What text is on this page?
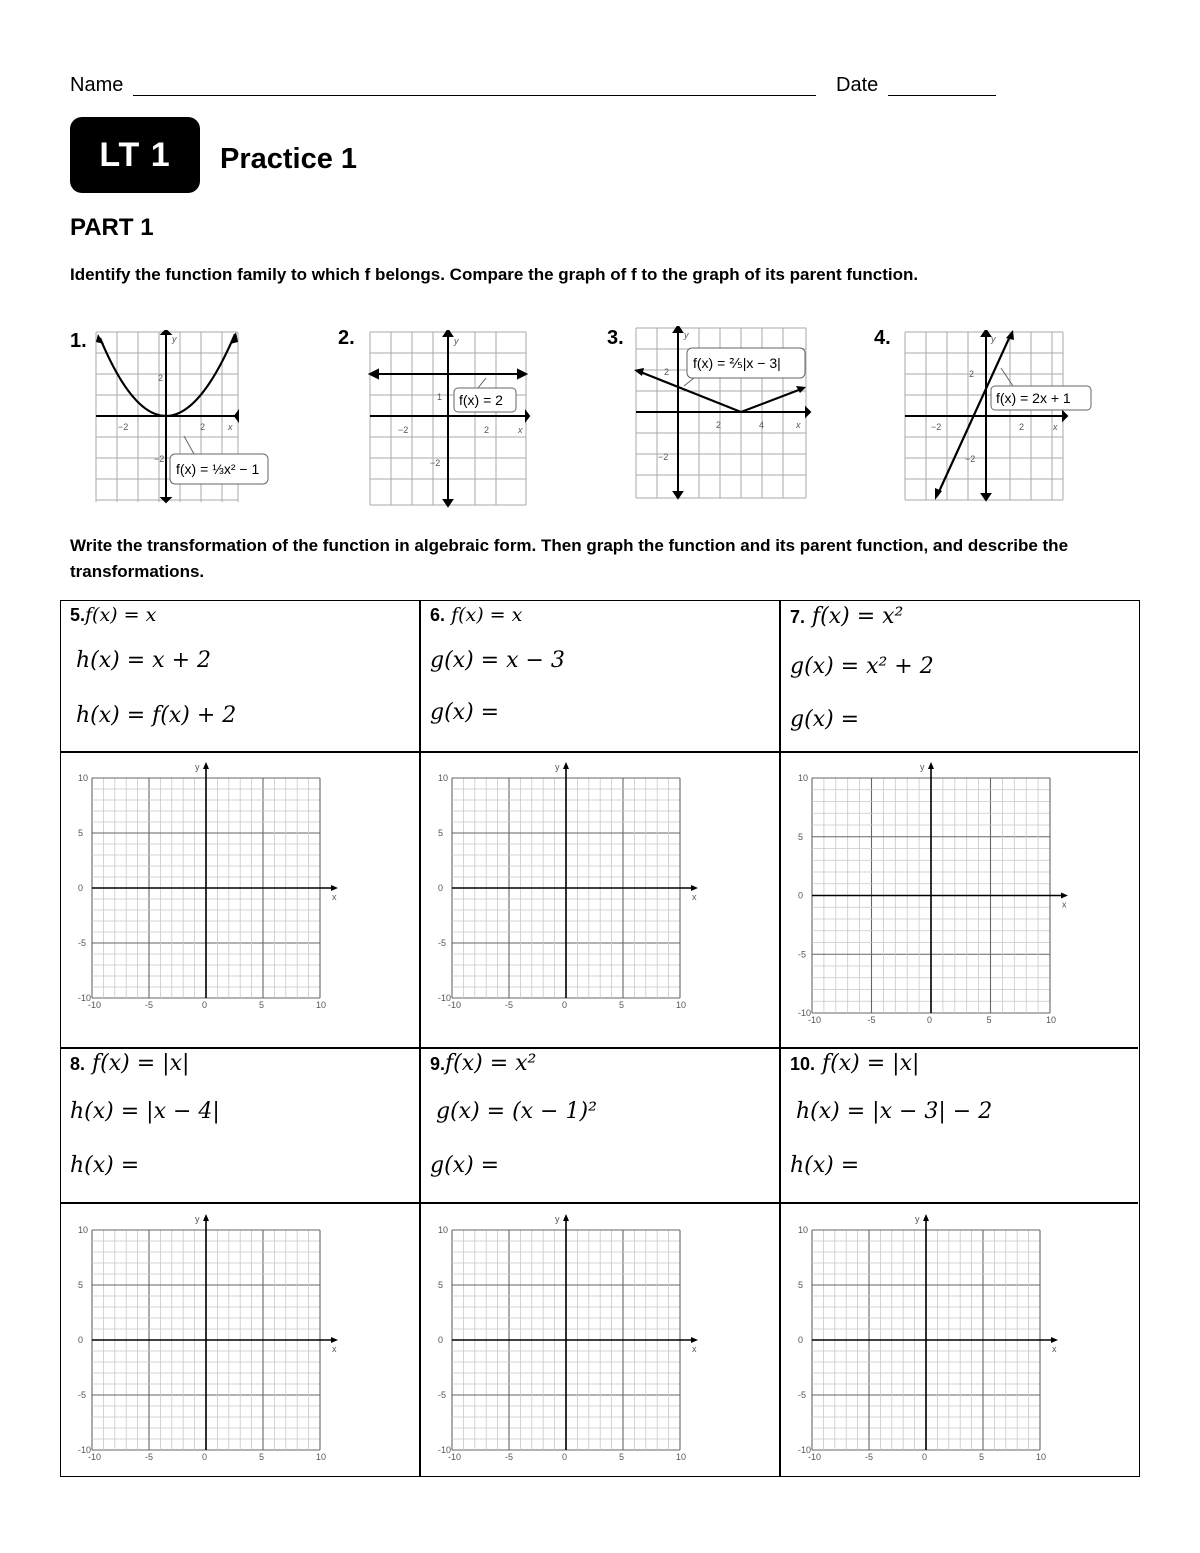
Name	Date
LT 1	Practice 1
PART 1
Identify the function family to which f belongs. Compare the graph of f to the graph of its parent function.
1.	2.	3.	4.
f(x) = ⅓x² − 1
2
−2
−2	2	x
y
f(x) = 2
1
−2
−2	2	x
y
f(x) = ⅖|x − 3|
2
−2
2	4	x
y
f(x) = 2x + 1
2
−2
−2	2	x
y
Write the transformation of the function in algebraic form. Then graph the function and its parent function, and describe the transformations.
5.f(x) = x
h(x) = x + 2
h(x) = f(x) + 2
6. f(x) = x
g(x) = x − 3
g(x) =
7. f(x) = x²
g(x) = x² + 2
g(x) =
8. f(x) = |x|
h(x) = |x − 4|
h(x) =
9.f(x) = x²
g(x) = (x − 1)²
g(x) =
10. f(x) = |x|
h(x) = |x − 3| − 2
h(x) =
10
5
0
-5
-10
-10	-5	0	5	10
x
y
10
5
0
-5
-10
-10	-5	0	5	10
x
y
10
5
0
-5
-10
-10	-5	0	5	10
x
y
10
5
0
-5
-10
-10	-5	0	5	10
x
y
10
5
0
-5
-10
-10	-5	0	5	10
x
y
10
5
0
-5
-10
-10	-5	0	5	10
x
y
